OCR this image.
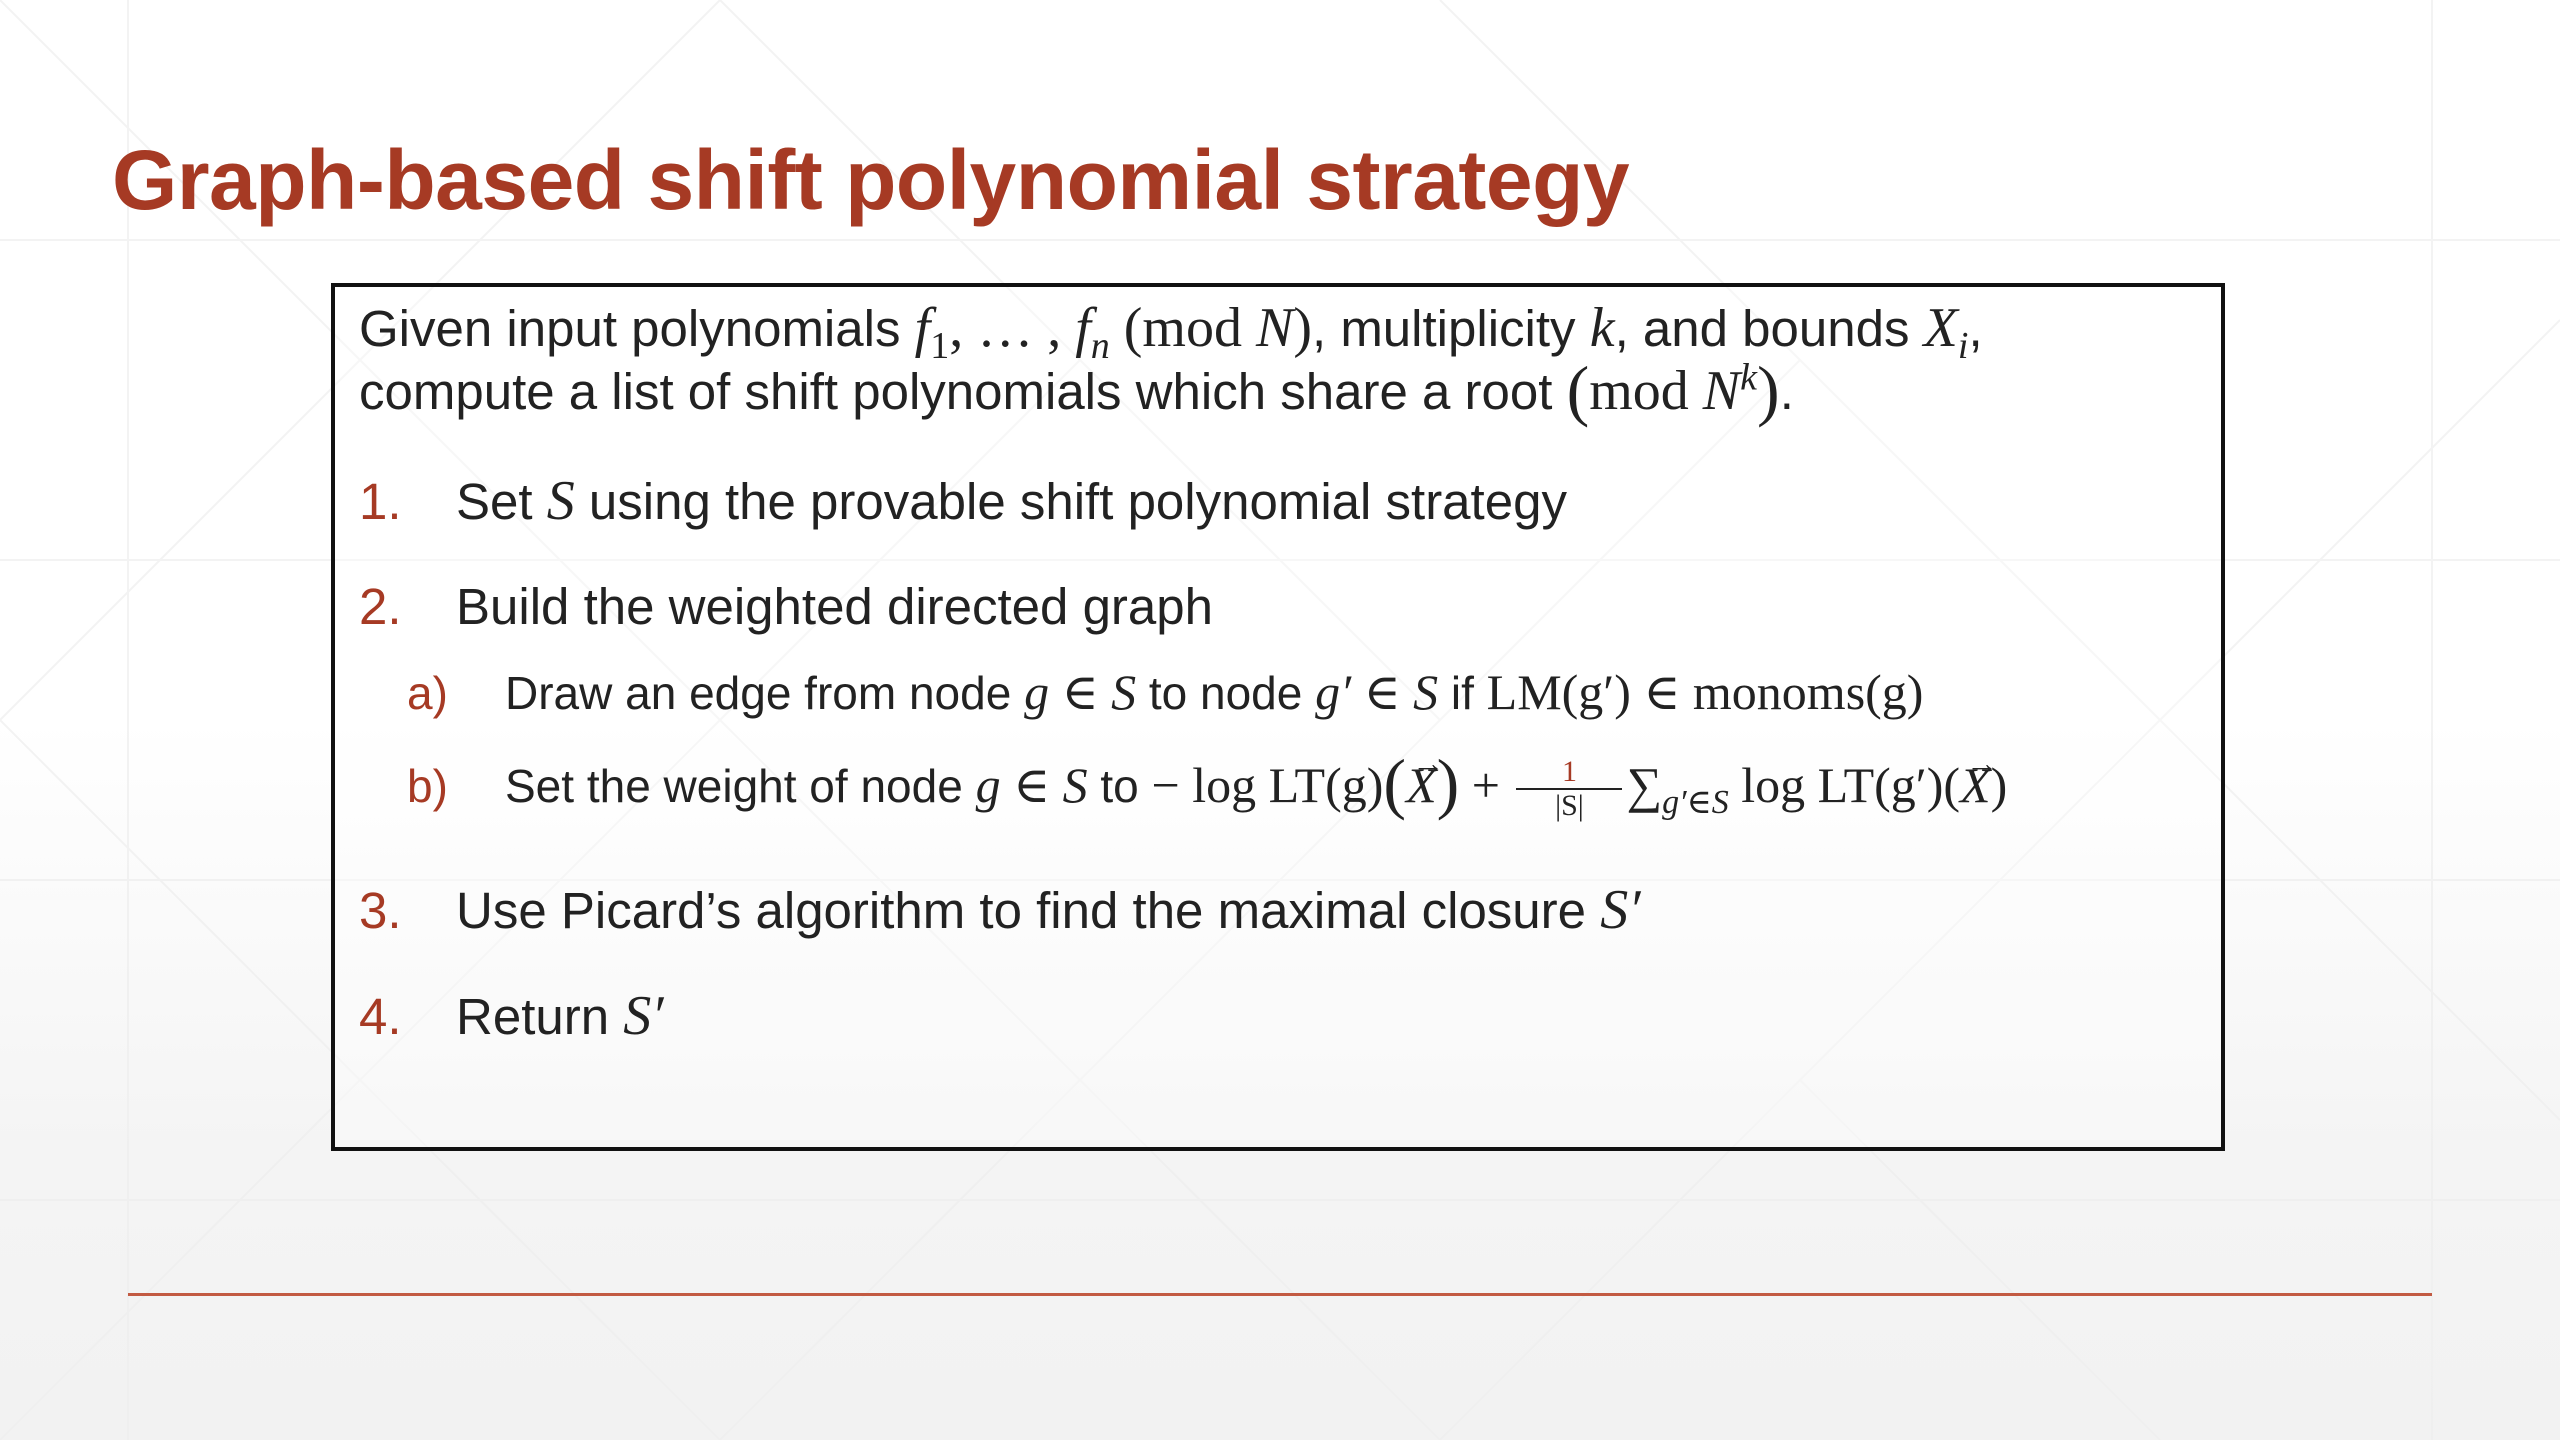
Graph-based shift polynomial strategy
Given input polynomials $f_1$, … , $f_n$ (mod N), multiplicity k, and bounds $X_i$,
compute a list of shift polynomials which share a root (mod $N^k$).
1. Set S using the provable shift polynomial strategy
2. Build the weighted directed graph
a) Draw an edge from node g ∈ S to node g′ ∈ S if LM(g′) ∈ monoms(g)
b) Set the weight of node g ∈ S to − $\log LT(g)(\to X) + \frac{1}{|S|} \sum_{g'\in S}$ log LT(g′)(→ X)
3. Use Picard’s algorithm to find the maximal closure S′
4. Return S′
